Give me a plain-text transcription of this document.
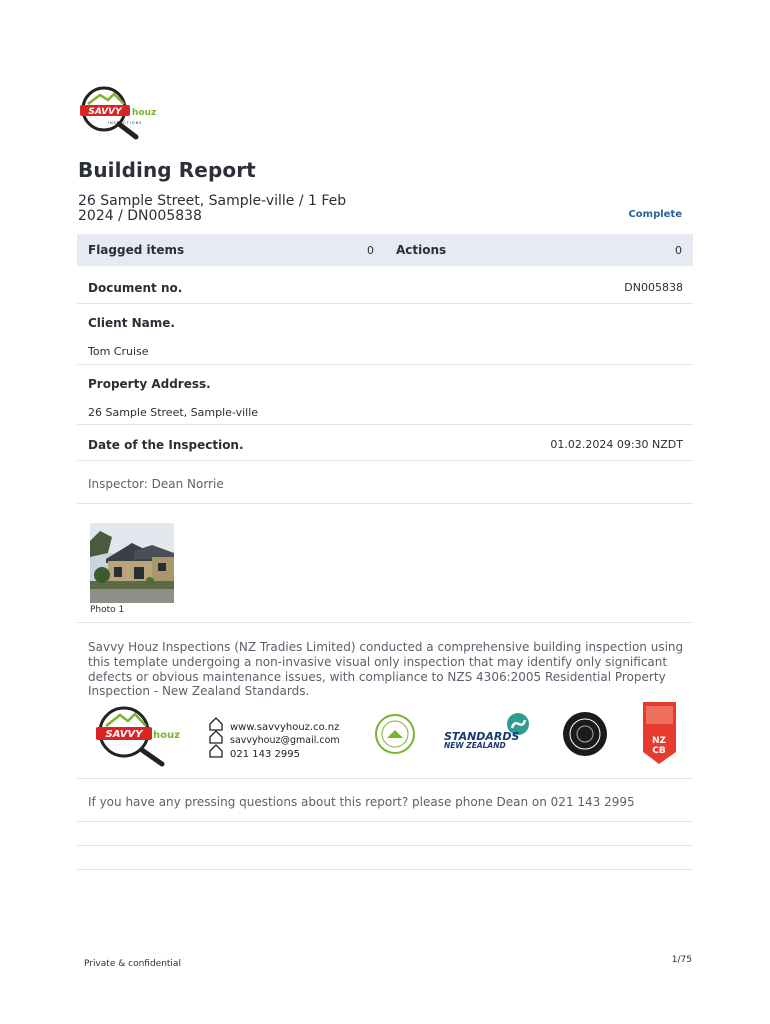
SAVVY houz
INSPECTIONS
Building Report
26 Sample Street, Sample-ville / 1 Feb 2024 / DN005838	Complete
Flagged items	0 Actions	0
Document no.	DN005838
Client Name.
Tom Cruise
Property Address.
26 Sample Street, Sample-ville
Date of the Inspection.	01.02.2024 09:30 NZDT
Inspector: Dean Norrie
Photo 1
Savvy Houz Inspections (NZ Tradies Limited) conducted a comprehensive building inspection using this template undergoing a non-invasive visual only inspection that may identify only significant defects or obvious maintenance issues, with compliance to NZS 4306:2005 Residential Property Inspection - New Zealand Standards.
SAVVY houz
www.savvyhouz.co.nz
savvyhouz@gmail.com
021 143 2995
STANDARDS
NEW ZEALAND	NZ
CB
If you have any pressing questions about this report? please phone Dean on 021 143 2995
Private & confidential	1/75
